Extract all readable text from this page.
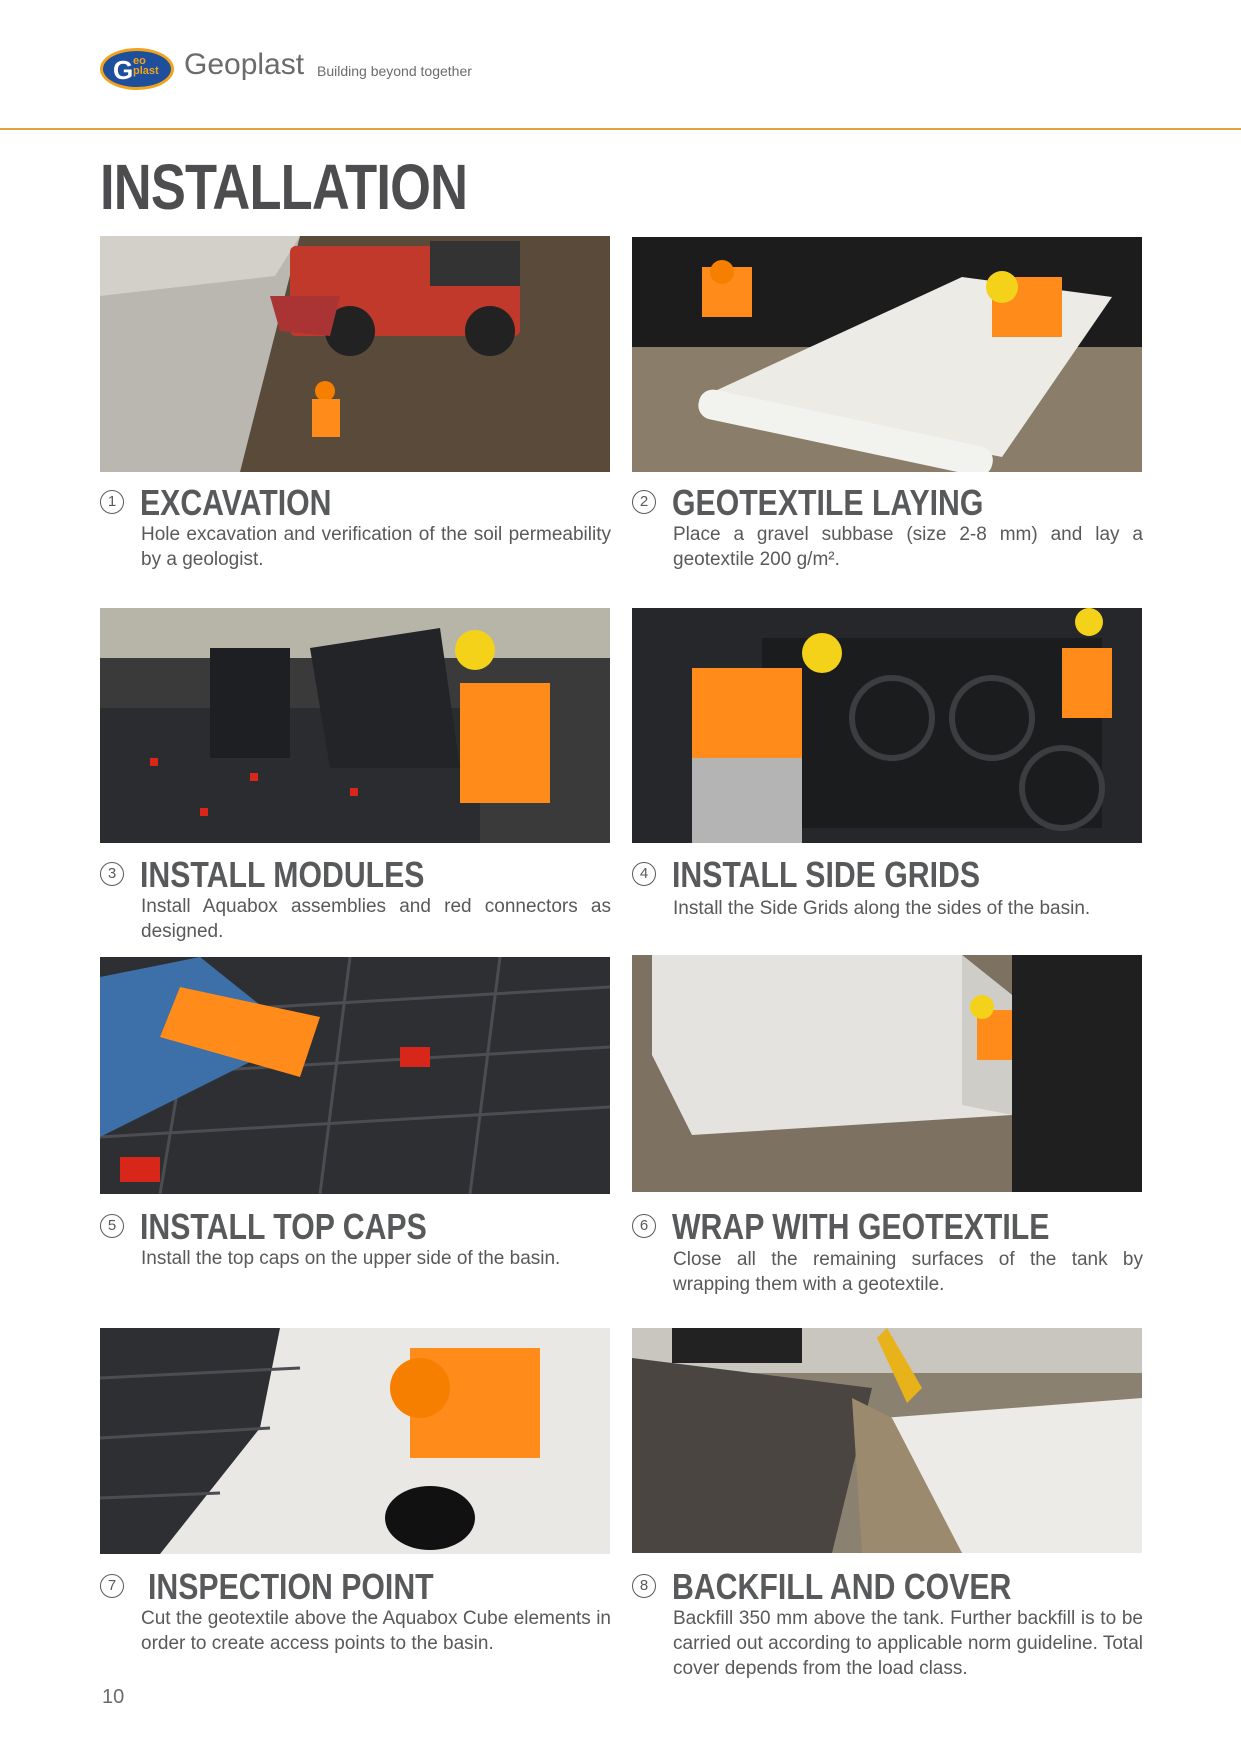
G eo plast Geoplast Building beyond together
INSTALLATION
1 EXCAVATION
Hole excavation and verification of the soil permeability by a geologist.
2 GEOTEXTILE LAYING
Place a gravel subbase (size 2-8 mm) and lay a geotextile 200 g/m².
3 INSTALL MODULES
Install Aquabox assemblies and red connectors as designed.
4 INSTALL SIDE GRIDS
Install the Side Grids along the sides of the basin.
5 INSTALL TOP CAPS
Install the top caps on the upper side of the basin.
6 WRAP WITH GEOTEXTILE
Close all the remaining surfaces of the tank by wrapping them with a geotextile.
7 INSPECTION POINT
Cut the geotextile above the Aquabox Cube elements in order to create access points to the basin.
8 BACKFILL AND COVER
Backfill 350 mm above the tank. Further backfill is to be carried out according to applicable norm guideline. Total cover depends from the load class.
10
